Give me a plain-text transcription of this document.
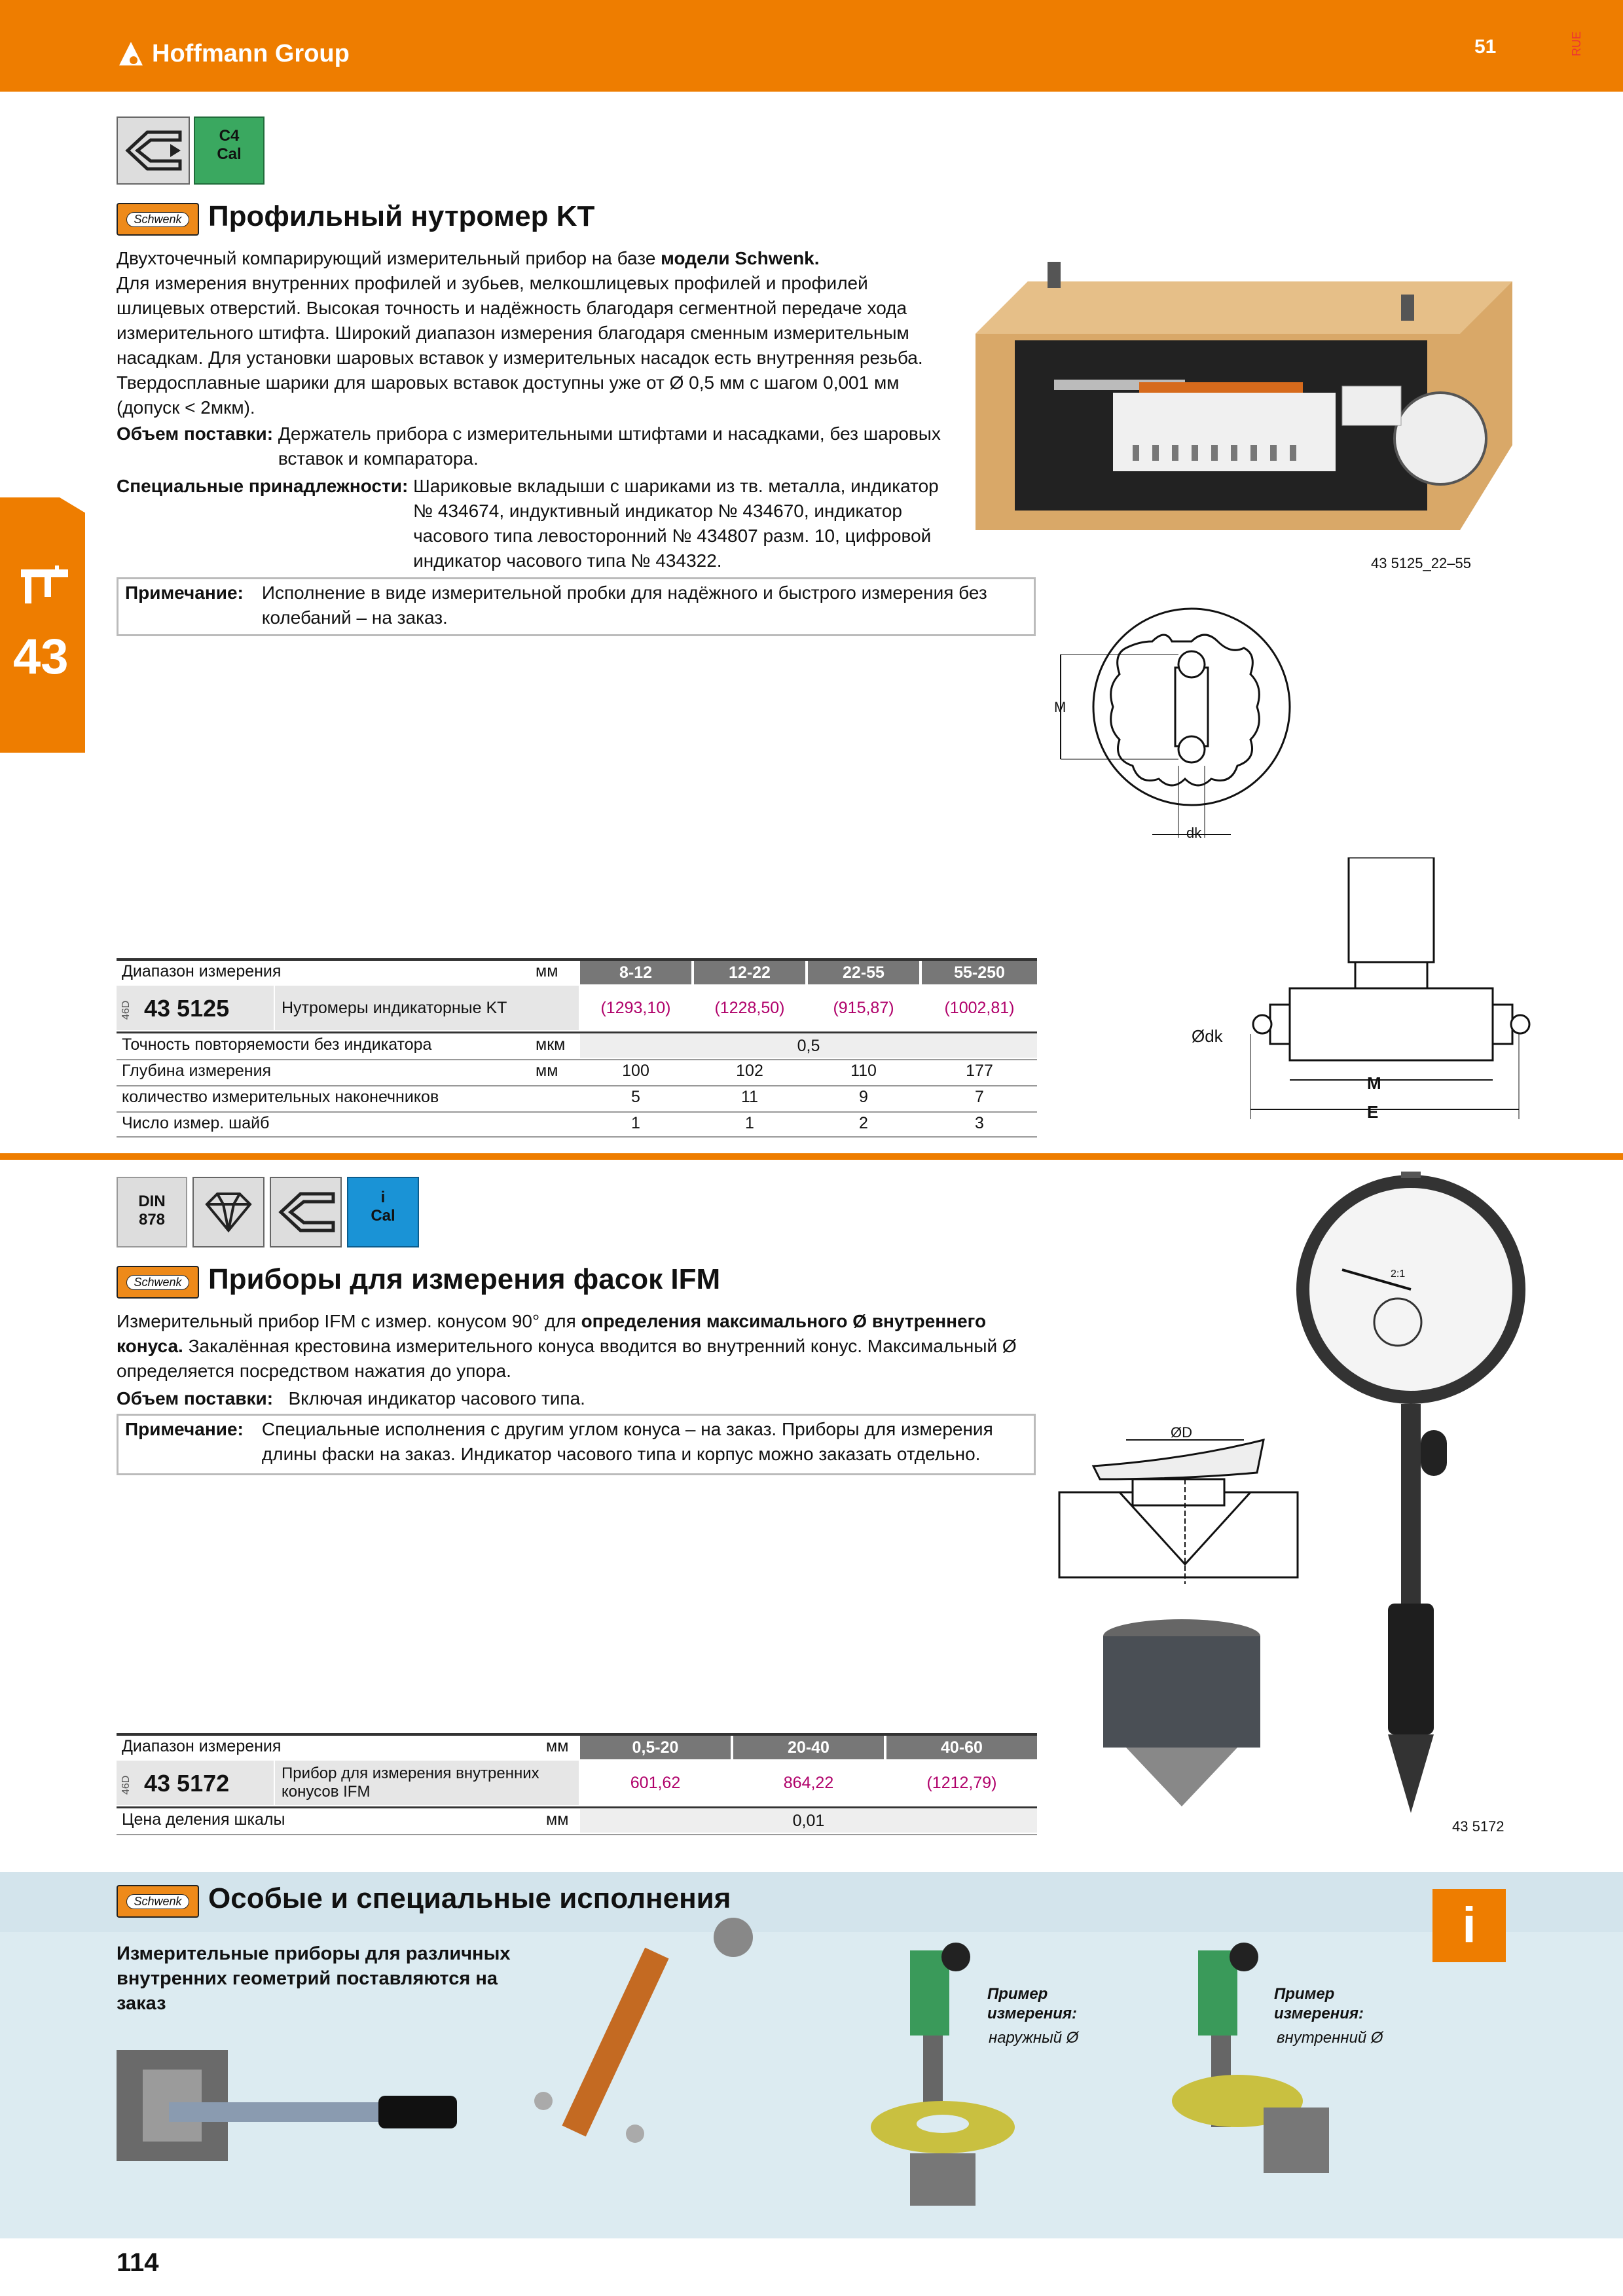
Hoffmann Group	51	RUE
43
C4
Cal
Schwenk Профильный нутромер KT
Двухточечный компарирующий измерительный прибор на базе модели Schwenk.
Для измерения внутренних профилей и зубьев, мелкошлицевых профилей и профилей шлицевых отверстий. Высокая точность и надёжность благодаря сегментной передаче хода измерительного штифта. Широкий диапазон измерения благодаря сменным измерительным насадкам. Для установки шаровых вставок у измерительных насадок есть внутренняя резьба. Твердосплавные шарики для шаровых вставок доступны уже от Ø 0,5 мм с шагом 0,001 мм (допуск < 2мкм).
Объем поставки:
Держатель прибора с измерительными штифтами и насадками, без шаровых вставок и компаратора.
Специальные принадлежности:
Шариковые вкладыши с шариками из тв. металла, индикатор № 434674, индуктивный индикатор № 434670, индикатор часового типа левосторонний № 434807 разм. 10, цифровой индикатор часового типа № 434322.
Примечание: Исполнение в виде измерительной пробки для надёжного и быстрого измерения без колебаний – на заказ.
43 5125_22–55
M
dk
Ødk
M
E
Диапазон измерения	мм	8-12	12-22	22-55	55-250
46D 43 5125	Нутромеры индикаторные KT	(1293,10)	(1228,50)	(915,87)	(1002,81)
Точность повторяемости без индикатора	мкм	0,5
Глубина измерения	мм	100	102	110	177
количество измерительных наконечников	5	11	9	7
Число измер. шайб	1	1	2	3
DIN
878
i
Cal
Schwenk Приборы для измерения фасок IFM
Измерительный прибор IFM с измер. конусом 90° для определения максимального Ø внутреннего конуса. Закалённая крестовина измерительного конуса вводится во внутренний конус. Максимальный Ø определяется посредством нажатия до упора.
Объем поставки: Включая индикатор часового типа.
Примечание: Специальные исполнения с другим углом конуса – на заказ. Приборы для измерения длины фаски на заказ. Индикатор часового типа и корпус можно заказать отдельно.
ØD
2:1
43 5172
Диапазон измерения	мм	0,5-20	20-40	40-60
46D 43 5172	Прибор для измерения внутренних конусов IFM	601,62	864,22	(1212,79)
Цена деления шкалы	мм	0,01
Schwenk Особые и специальные исполнения	i
Измерительные приборы для различных внутренних геометрий поставляются на заказ	Пример измерения:
наружный Ø
Пример измерения:
внутренний Ø
114
